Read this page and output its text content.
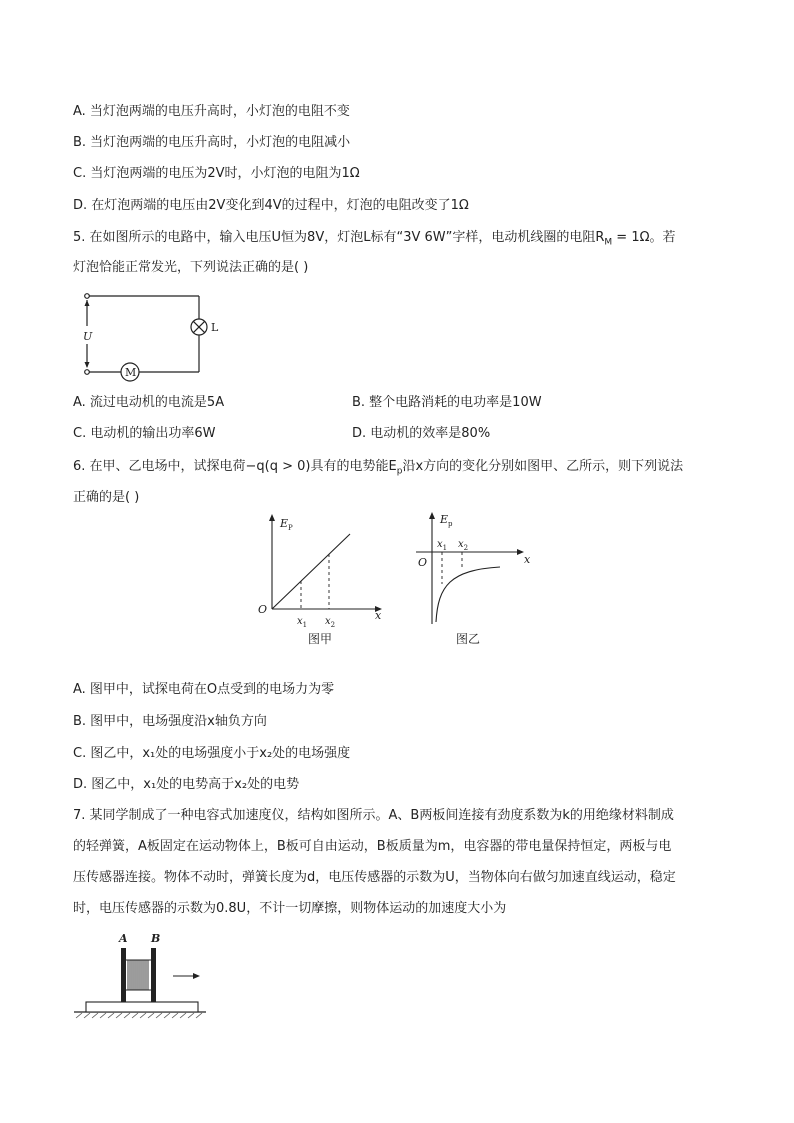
A. 当灯泡两端的电压升高时，小灯泡的电阻不变
B. 当灯泡两端的电压升高时，小灯泡的电阻减小
C. 当灯泡两端的电压为2V时，小灯泡的电阻为1Ω
D. 在灯泡两端的电压由2V变化到4V的过程中，灯泡的电阻改变了1Ω
5. 在如图所示的电路中，输入电压U恒为8V，灯泡L标有“3V 6W”字样，电动机线圈的电阻$R_M = 1\Omega$。若
灯泡恰能正常发光，下列说法正确的是( )
U
L
M
A. 流过电动机的电流是5A	B. 整个电路消耗的电功率是10W
C. 电动机的输出功率6W	D. 电动机的效率是80%
6. 在甲、乙电场中，试探电荷−q(q > 0)具有的电势能$E_p$沿x方向的变化分别如图甲、乙所示，则下列说法
正确的是( )
$E_P$
O	x
$x_1$ $x_2$
图甲
$E_p$
O	x
$x_1$ $x_2$
图乙
A. 图甲中，试探电荷在O点受到的电场力为零
B. 图甲中，电场强度沿x轴负方向
C. 图乙中，x₁处的电场强度小于x₂处的电场强度
D. 图乙中，x₁处的电势高于x₂处的电势
7. 某同学制成了一种电容式加速度仪，结构如图所示。A、B两板间连接有劲度系数为k的用绝缘材料制成
的轻弹簧，A板固定在运动物体上，B板可自由运动，B板质量为m，电容器的带电量保持恒定，两板与电
压传感器连接。物体不动时，弹簧长度为d，电压传感器的示数为U，当物体向右做匀加速直线运动，稳定
时，电压传感器的示数为0.8U，不计一切摩擦，则物体运动的加速度大小为
A B
